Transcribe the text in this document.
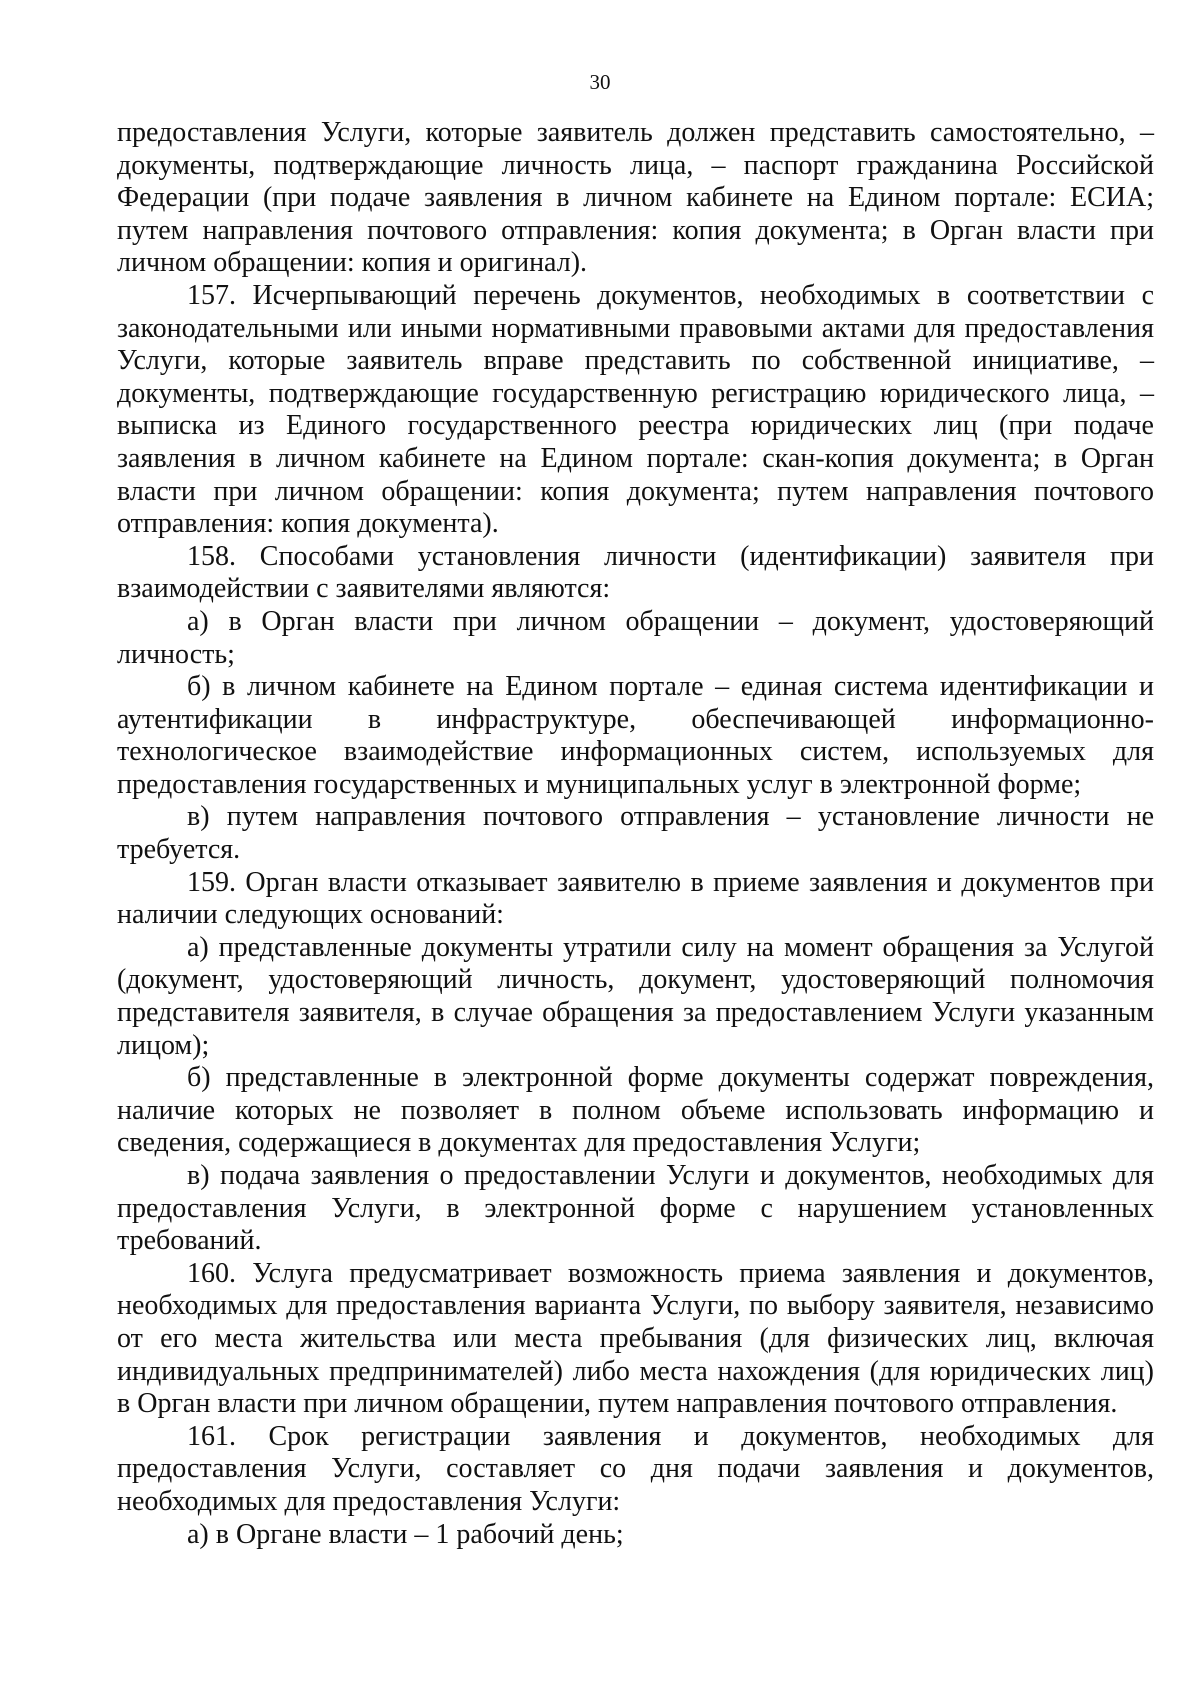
30

предоставления Услуги, которые заявитель должен представить самостоятельно, – документы, подтверждающие личность лица, – паспорт гражданина Российской Федерации (при подаче заявления в личном кабинете на Едином портале: ЕСИА; путем направления почтового отправления: копия документа; в Орган власти при личном обращении: копия и оригинал).

157. Исчерпывающий перечень документов, необходимых в соответствии с законодательными или иными нормативными правовыми актами для предоставления Услуги, которые заявитель вправе представить по собственной инициативе, – документы, подтверждающие государственную регистрацию юридического лица, – выписка из Единого государственного реестра юридических лиц (при подаче заявления в личном кабинете на Едином портале: скан-копия документа; в Орган власти при личном обращении: копия документа; путем направления почтового отправления: копия документа).

158. Способами установления личности (идентификации) заявителя при взаимодействии с заявителями являются:

а) в Орган власти при личном обращении – документ, удостоверяющий личность;

б) в личном кабинете на Едином портале – единая система идентификации и аутентификации в инфраструктуре, обеспечивающей информационно-технологическое взаимодействие информационных систем, используемых для предоставления государственных и муниципальных услуг в электронной форме;

в) путем направления почтового отправления – установление личности не требуется.

159. Орган власти отказывает заявителю в приеме заявления и документов при наличии следующих оснований:

а) представленные документы утратили силу на момент обращения за Услугой (документ, удостоверяющий личность, документ, удостоверяющий полномочия представителя заявителя, в случае обращения за предоставлением Услуги указанным лицом);

б) представленные в электронной форме документы содержат повреждения, наличие которых не позволяет в полном объеме использовать информацию и сведения, содержащиеся в документах для предоставления Услуги;

в) подача заявления о предоставлении Услуги и документов, необходимых для предоставления Услуги, в электронной форме с нарушением установленных требований.

160. Услуга предусматривает возможность приема заявления и документов, необходимых для предоставления варианта Услуги, по выбору заявителя, независимо от его места жительства или места пребывания (для физических лиц, включая индивидуальных предпринимателей) либо места нахождения (для юридических лиц) в Орган власти при личном обращении, путем направления почтового отправления.

161. Срок регистрации заявления и документов, необходимых для предоставления Услуги, составляет со дня подачи заявления и документов, необходимых для предоставления Услуги:

а) в Органе власти – 1 рабочий день;
